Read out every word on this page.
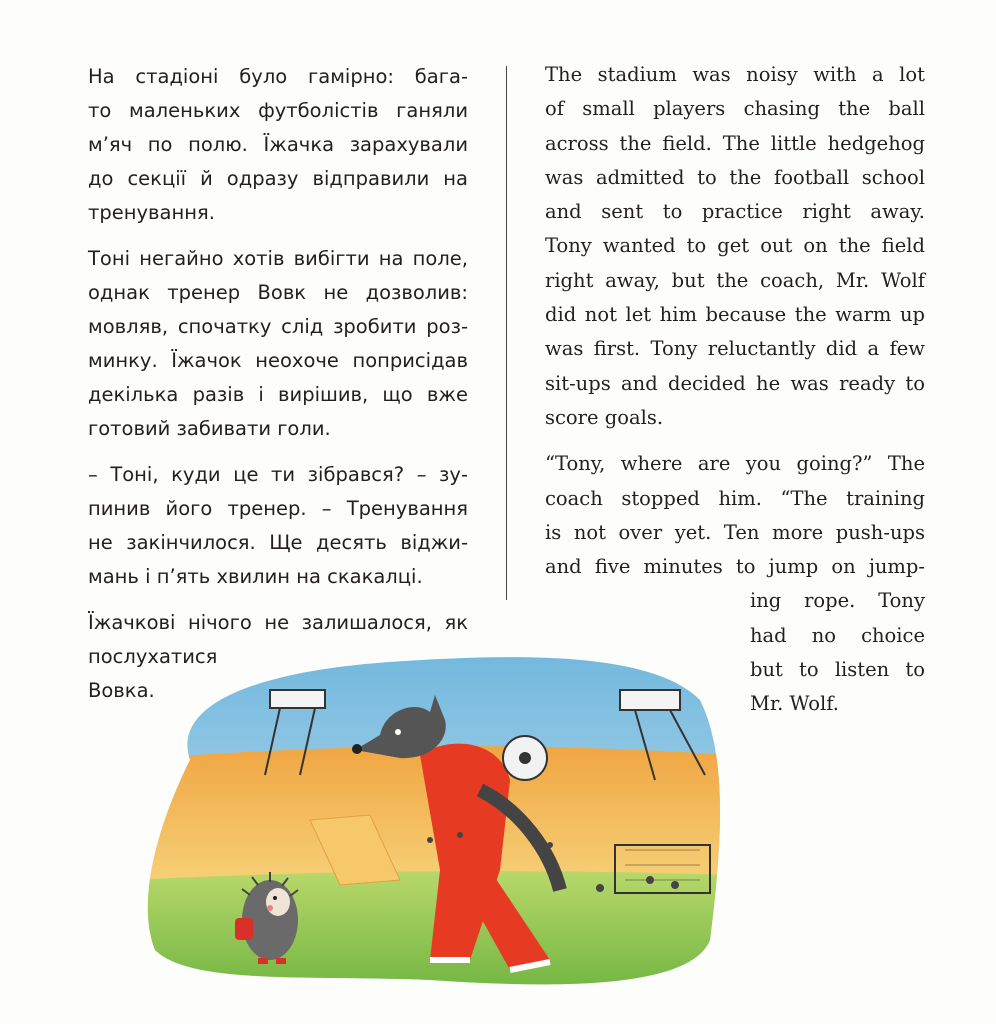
На стадіоні було гамірно: бага-
то маленьких футболістів ганяли
м’яч по полю. Їжачка зарахували
до секції й одразу відправили на
тренування.

Тоні негайно хотів вибігти на поле,
однак тренер Вовк не дозволив:
мовляв, спочатку слід зробити роз-
минку. Їжачок неохоче поприсідав
декілька разів і вирішив, що вже
готовий забивати голи.

– Тоні, куди це ти зібрався? – зу-
пинив його тренер. – Тренування
не закінчилося. Ще десять віджи-
мань і п’ять хвилин на скакалці.

Їжачкові нічого не залишалося, як
послухатися
Вовка.

The stadium was noisy with a lot
of small players chasing the ball
across the field. The little hedgehog
was admitted to the football school
and sent to practice right away.
Tony wanted to get out on the field
right away, but the coach, Mr. Wolf
did not let him because the warm up
was first. Tony reluctantly did a few
sit-ups and decided he was ready to
score goals.

“Tony, where are you going?” The
coach stopped him. “The training
is not over yet. Ten more push-ups
and five minutes to jump on jump-

ing rope. Tony
had no choice
but to listen to
Mr. Wolf.
